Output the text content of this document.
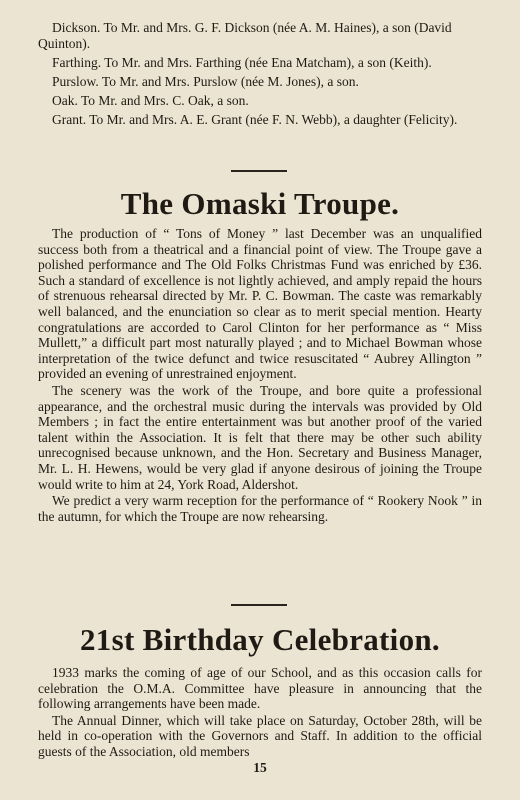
Dickson. To Mr. and Mrs. G. F. Dickson (née A. M. Haines), a son (David Quinton).

Farthing. To Mr. and Mrs. Farthing (née Ena Matcham), a son (Keith).

Purslow. To Mr. and Mrs. Purslow (née M. Jones), a son.

Oak. To Mr. and Mrs. C. Oak, a son.

Grant. To Mr. and Mrs. A. E. Grant (née F. N. Webb), a daughter (Felicity).

The Omaski Troupe.

The production of “ Tons of Money ” last December was an unqualified success both from a theatrical and a financial point of view. The Troupe gave a polished performance and The Old Folks Christmas Fund was enriched by £36. Such a standard of excellence is not lightly achieved, and amply repaid the hours of strenuous rehearsal directed by Mr. P. C. Bowman. The caste was remarkably well balanced, and the enunciation so clear as to merit special mention. Hearty congratulations are accorded to Carol Clinton for her performance as “ Miss Mullett,” a difficult part most naturally played ; and to Michael Bowman whose interpretation of the twice defunct and twice resuscitated “ Aubrey Allington ” provided an evening of unrestrained enjoyment.

The scenery was the work of the Troupe, and bore quite a professional appearance, and the orchestral music during the intervals was provided by Old Members ; in fact the entire entertainment was but another proof of the varied talent within the Association. It is felt that there may be other such ability unrecognised because unknown, and the Hon. Secretary and Business Manager, Mr. L. H. Hewens, would be very glad if anyone desirous of joining the Troupe would write to him at 24, York Road, Aldershot.

We predict a very warm reception for the performance of “ Rookery Nook ” in the autumn, for which the Troupe are now rehearsing.

21st Birthday Celebration.

1933 marks the coming of age of our School, and as this occasion calls for celebration the O.M.A. Committee have pleasure in announcing that the following arrangements have been made.

The Annual Dinner, which will take place on Saturday, October 28th, will be held in co-operation with the Governors and Staff. In addition to the official guests of the Association, old members

15
